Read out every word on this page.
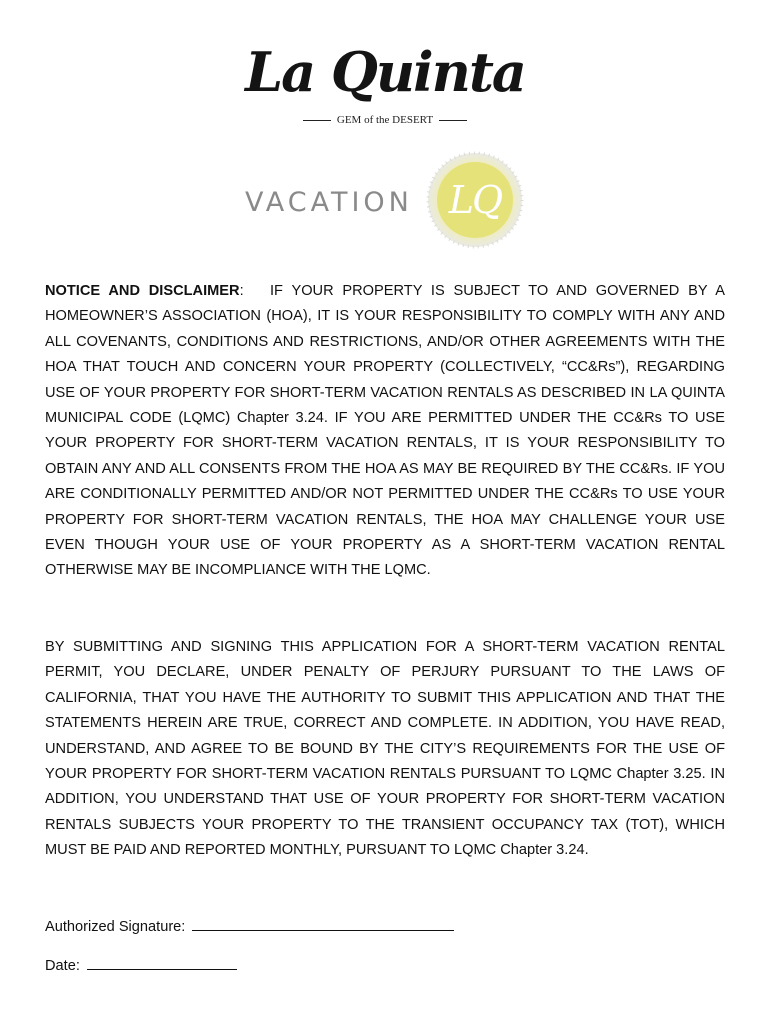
La Quinta
GEM of the DESERT
VACATION LQ

NOTICE AND DISCLAIMER: IF YOUR PROPERTY IS SUBJECT TO AND GOVERNED BY A HOMEOWNER’S ASSOCIATION (HOA), IT IS YOUR RESPONSIBILITY TO COMPLY WITH ANY AND ALL COVENANTS, CONDITIONS AND RESTRICTIONS, AND/OR OTHER AGREEMENTS WITH THE HOA THAT TOUCH AND CONCERN YOUR PROPERTY (COLLECTIVELY, “CC&Rs”), REGARDING USE OF YOUR PROPERTY FOR SHORT-TERM VACATION RENTALS AS DESCRIBED IN LA QUINTA MUNICIPAL CODE (LQMC) Chapter 3.24. IF YOU ARE PERMITTED UNDER THE CC&Rs TO USE YOUR PROPERTY FOR SHORT-TERM VACATION RENTALS, IT IS YOUR RESPONSIBILITY TO OBTAIN ANY AND ALL CONSENTS FROM THE HOA AS MAY BE REQUIRED BY THE CC&Rs. IF YOU ARE CONDITIONALLY PERMITTED AND/OR NOT PERMITTED UNDER THE CC&Rs TO USE YOUR PROPERTY FOR SHORT-TERM VACATION RENTALS, THE HOA MAY CHALLENGE YOUR USE EVEN THOUGH YOUR USE OF YOUR PROPERTY AS A SHORT-TERM VACATION RENTAL OTHERWISE MAY BE INCOMPLIANCE WITH THE LQMC.

BY SUBMITTING AND SIGNING THIS APPLICATION FOR A SHORT-TERM VACATION RENTAL PERMIT, YOU DECLARE, UNDER PENALTY OF PERJURY PURSUANT TO THE LAWS OF CALIFORNIA, THAT YOU HAVE THE AUTHORITY TO SUBMIT THIS APPLICATION AND THAT THE STATEMENTS HEREIN ARE TRUE, CORRECT AND COMPLETE. IN ADDITION, YOU HAVE READ, UNDERSTAND, AND AGREE TO BE BOUND BY THE CITY’S REQUIREMENTS FOR THE USE OF YOUR PROPERTY FOR SHORT-TERM VACATION RENTALS PURSUANT TO LQMC Chapter 3.25. IN ADDITION, YOU UNDERSTAND THAT USE OF YOUR PROPERTY FOR SHORT-TERM VACATION RENTALS SUBJECTS YOUR PROPERTY TO THE TRANSIENT OCCUPANCY TAX (TOT), WHICH MUST BE PAID AND REPORTED MONTHLY, PURSUANT TO LQMC Chapter 3.24.

Authorized Signature:
Date:
